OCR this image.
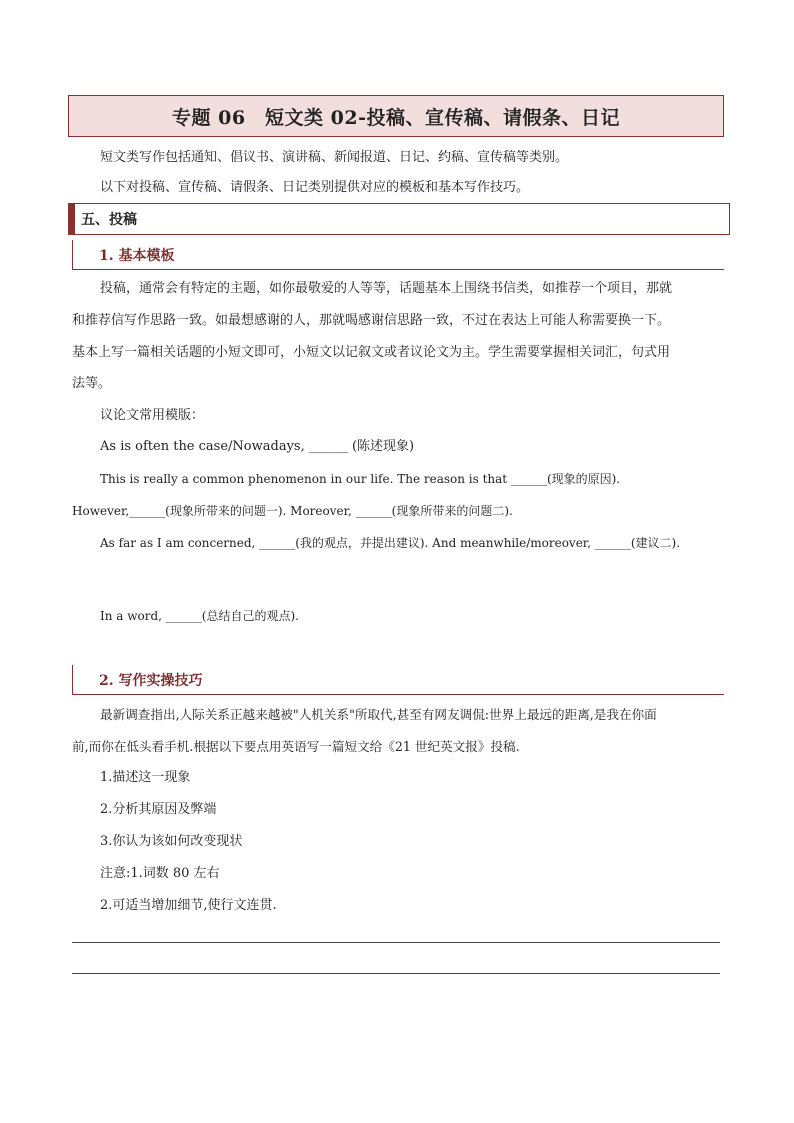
专题 06　短文类 02-投稿、宣传稿、请假条、日记
短文类写作包括通知、倡议书、演讲稿、新闻报道、日记、约稿、宣传稿等类别。
以下对投稿、宣传稿、请假条、日记类别提供对应的模板和基本写作技巧。
五、投稿
1. 基本模板
投稿，通常会有特定的主题，如你最敬爱的人等等，话题基本上围绕书信类，如推荐一个项目，那就
和推荐信写作思路一致。如最想感谢的人，那就喝感谢信思路一致，不过在表达上可能人称需要换一下。
基本上写一篇相关话题的小短文即可，小短文以记叙文或者议论文为主。学生需要掌握相关词汇，句式用
法等。
议论文常用模版：
As is often the case/Nowadays, ______ (陈述现象)
This is really a common phenomenon in our life. The reason is that ______(现象的原因).
However,______(现象所带来的问题一). Moreover, ______(现象所带来的问题二).
As far as I am concerned, ______(我的观点，并提出建议). And meanwhile/moreover, ______(建议二).
In a word, ______(总结自己的观点).
2. 写作实操技巧
最新调查指出,人际关系正越来越被"人机关系"所取代,甚至有网友调侃:世界上最远的距离,是我在你面
前,而你在低头看手机.根据以下要点用英语写一篇短文给《21 世纪英文报》投稿.
1.描述这一现象
2.分析其原因及弊端
3.你认为该如何改变现状
注意:1.词数 80 左右
2.可适当增加细节,使行文连贯.
